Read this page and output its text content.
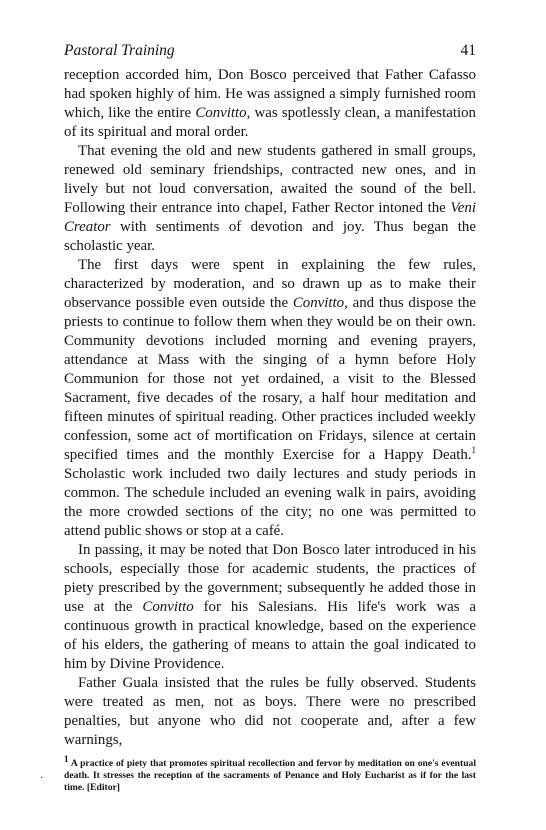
Pastoral Training	41

reception accorded him, Don Bosco perceived that Father Cafasso had spoken highly of him. He was assigned a simply furnished room which, like the entire Convitto, was spotlessly clean, a manifestation of its spiritual and moral order.

That evening the old and new students gathered in small groups, renewed old seminary friendships, contracted new ones, and in lively but not loud conversation, awaited the sound of the bell. Following their entrance into chapel, Father Rector intoned the Veni Creator with sentiments of devotion and joy. Thus began the scholastic year.

The first days were spent in explaining the few rules, characterized by moderation, and so drawn up as to make their observance possible even outside the Convitto, and thus dispose the priests to continue to follow them when they would be on their own. Community devotions included morning and evening prayers, attendance at Mass with the singing of a hymn before Holy Communion for those not yet ordained, a visit to the Blessed Sacrament, five decades of the rosary, a half hour meditation and fifteen minutes of spiritual reading. Other practices included weekly confession, some act of mortification on Fridays, silence at certain specified times and the monthly Exercise for a Happy Death.$^1$ Scholastic work included two daily lectures and study periods in common. The schedule included an evening walk in pairs, avoiding the more crowded sections of the city; no one was permitted to attend public shows or stop at a café.

In passing, it may be noted that Don Bosco later introduced in his schools, especially those for academic students, the practices of piety prescribed by the government; subsequently he added those in use at the Convitto for his Salesians. His life's work was a continuous growth in practical knowledge, based on the experience of his elders, the gathering of means to attain the goal indicated to him by Divine Providence.

Father Guala insisted that the rules be fully observed. Students were treated as men, not as boys. There were no prescribed penalties, but anyone who did not cooperate and, after a few warnings,

$^1$ A practice of piety that promotes spiritual recollection and fervor by meditation on one's eventual death. It stresses the reception of the sacraments of Penance and Holy Eucharist as if for the last time. [Editor]
·
